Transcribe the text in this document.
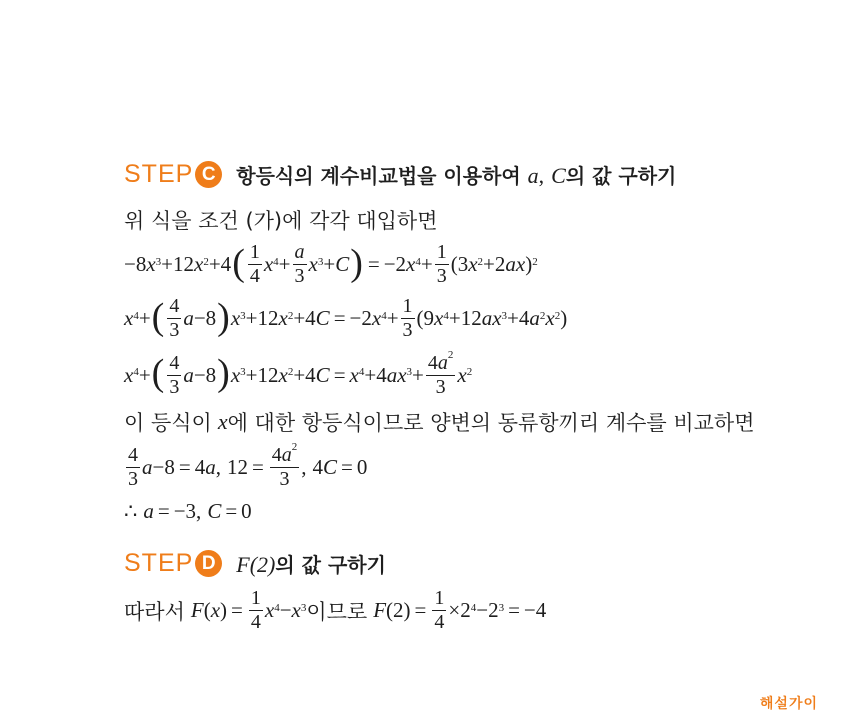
STEP C	항등식의 계수비교법을 이용하여 a, C의 값 구하기
위 식을 조건 (가)에 각각 대입하면
−8 $x^3 +12$ $x^2 +4$ ( $\frac{1}{4} x^4 + \frac{a}{3} x^3 + C$ ) = −2 $x^4 + \frac{1}{3} (3$ $x^2 +2$ ax )$^2$
$x^4$ + ( $\frac{4}{3}$ a −8 ) $x^3 +12$ $x^2 +4$ C = −2 $x^4 + \frac{1}{3} (9$ $x^4 +12$ $ax^3 +4$ $a^2$ $x^2$ )
$x^4$ + ( $\frac{4}{3}$ a −8 ) $x^3 +12$ $x^2 +4$ $C = x^4 +4$ $ax^3 + \frac{4a^2}{3} x^2$
이 등식이 x 에 대한 항등식이므로 양변의 동류항끼리 계수를 비교하면
$\frac{4}{3}$ a −8 = 4 a , $12 = \frac{4a^2}{3}$ , 4 C = 0
∴ a = −3, C = 0
STEP D F(2)의 값 구하기
따라서 F ( x ) = $\frac{1}{4} x^4 - x^3$ 이므로 F $(2) = \frac{1}{4} \times 2^4 -2^3 = -4$
해설가이
